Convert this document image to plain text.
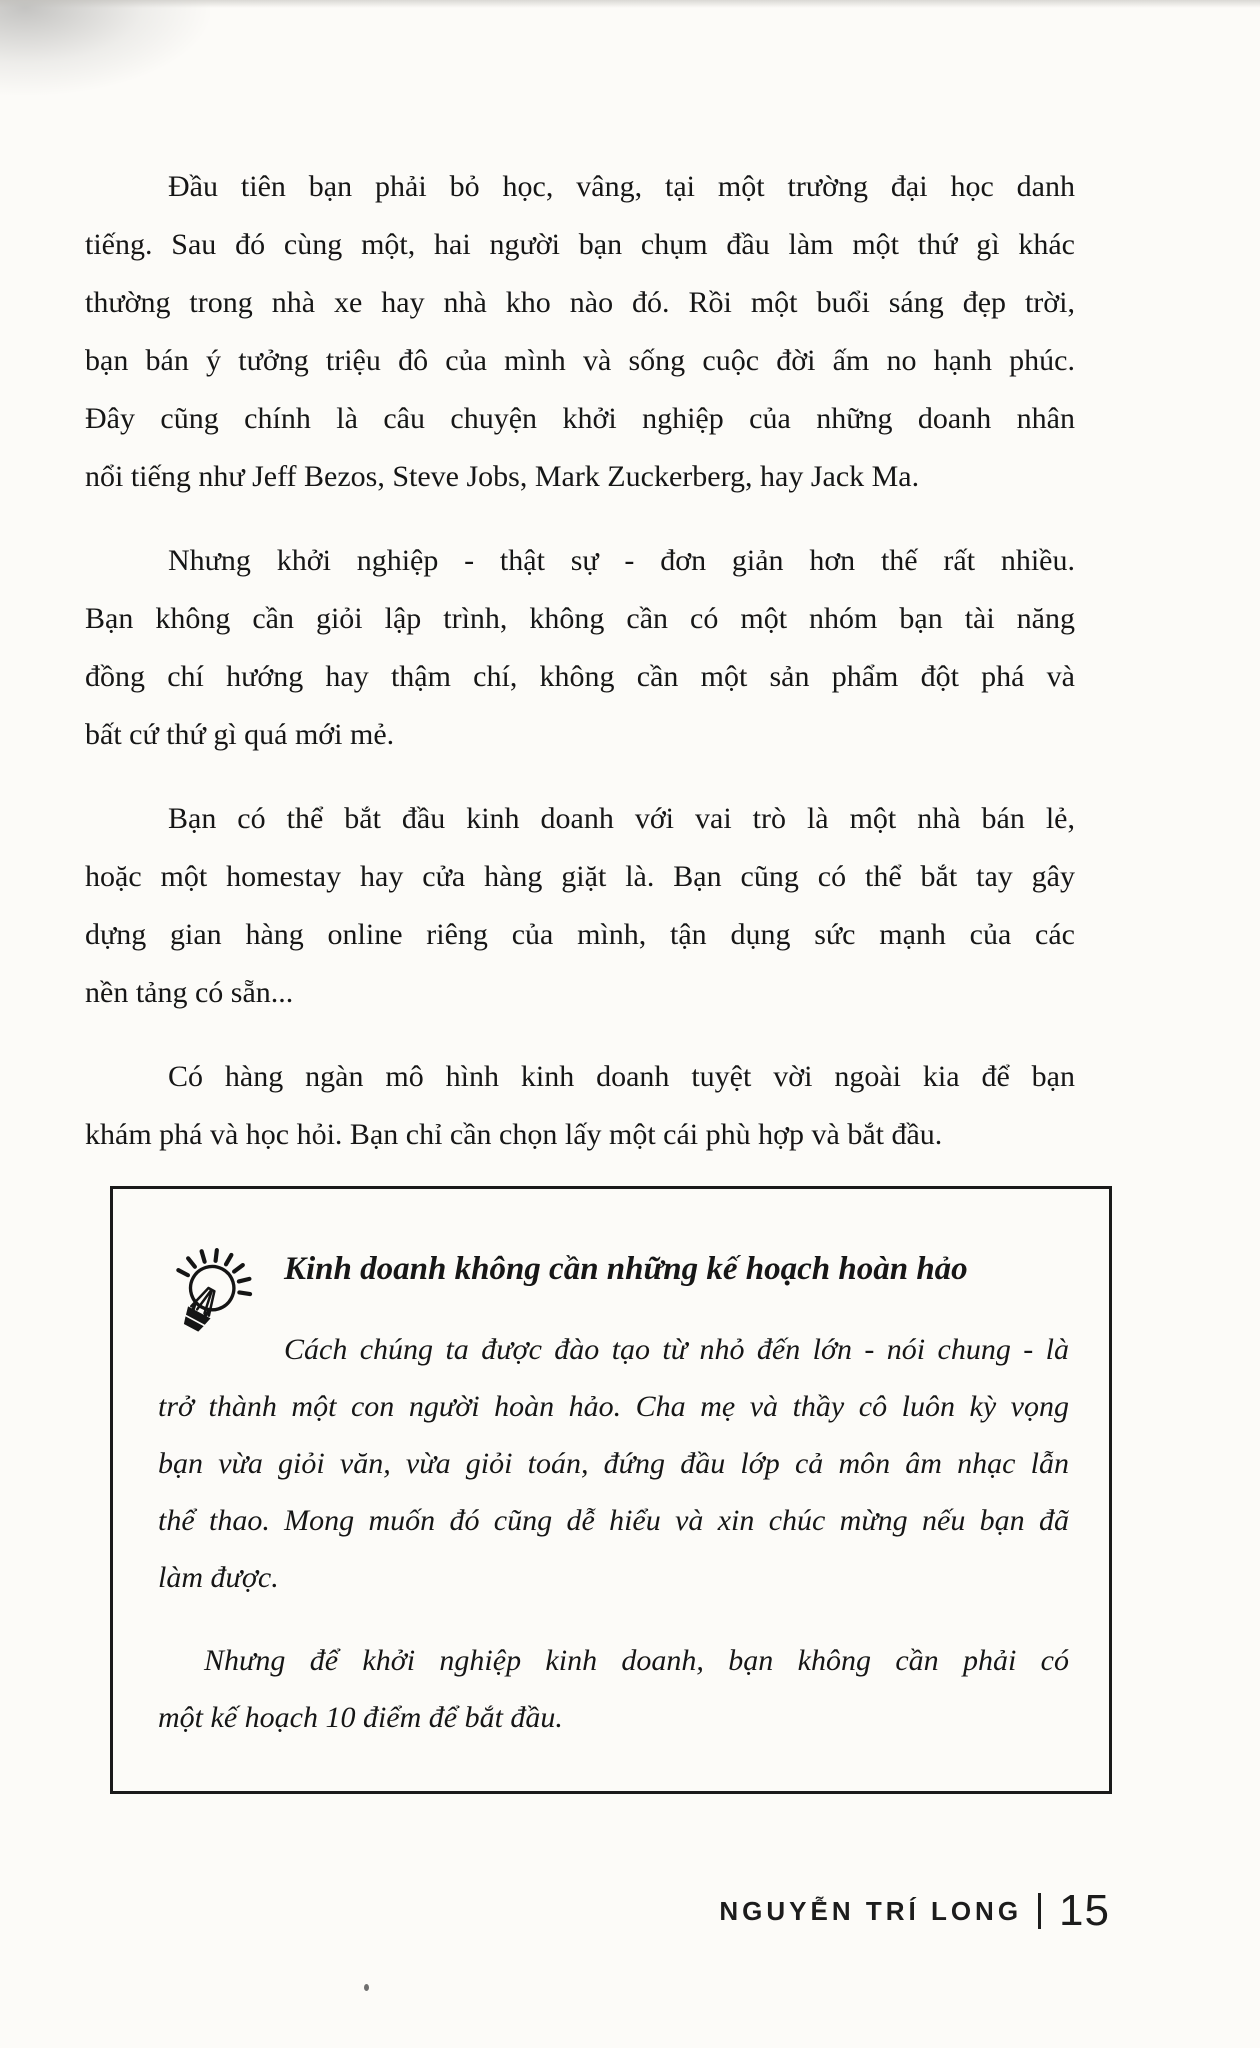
Đầu tiên bạn phải bỏ học, vâng, tại một trường đại học danh
tiếng. Sau đó cùng một, hai người bạn chụm đầu làm một thứ gì khác
thường trong nhà xe hay nhà kho nào đó. Rồi một buổi sáng đẹp trời,
bạn bán ý tưởng triệu đô của mình và sống cuộc đời ấm no hạnh phúc.
Đây cũng chính là câu chuyện khởi nghiệp của những doanh nhân
nổi tiếng như Jeff Bezos, Steve Jobs, Mark Zuckerberg, hay Jack Ma.
Nhưng khởi nghiệp - thật sự - đơn giản hơn thế rất nhiều.
Bạn không cần giỏi lập trình, không cần có một nhóm bạn tài năng
đồng chí hướng hay thậm chí, không cần một sản phẩm đột phá và
bất cứ thứ gì quá mới mẻ.
Bạn có thể bắt đầu kinh doanh với vai trò là một nhà bán lẻ,
hoặc một homestay hay cửa hàng giặt là. Bạn cũng có thể bắt tay gây
dựng gian hàng online riêng của mình, tận dụng sức mạnh của các
nền tảng có sẵn...
Có hàng ngàn mô hình kinh doanh tuyệt vời ngoài kia để bạn
khám phá và học hỏi. Bạn chỉ cần chọn lấy một cái phù hợp và bắt đầu.
Kinh doanh không cần những kế hoạch hoàn hảo
Cách chúng ta được đào tạo từ nhỏ đến lớn - nói chung - là
trở thành một con người hoàn hảo. Cha mẹ và thầy cô luôn kỳ vọng
bạn vừa giỏi văn, vừa giỏi toán, đứng đầu lớp cả môn âm nhạc lẫn
thể thao. Mong muốn đó cũng dễ hiểu và xin chúc mừng nếu bạn đã
làm được.
Nhưng để khởi nghiệp kinh doanh, bạn không cần phải có
một kế hoạch 10 điểm để bắt đầu.
NGUYỄN TRÍ LONG 15
